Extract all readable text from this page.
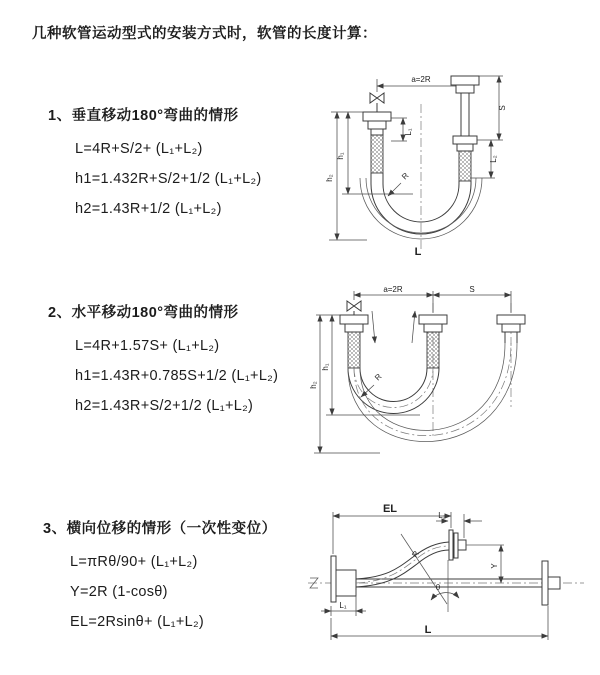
几种软管运动型式的安装方式时，软管的长度计算：
1、垂直移动180°弯曲的情形
L=4R+S/2+ (L₁+L₂)
h1=1.432R+S/2+1/2 (L₁+L₂)
h2=1.43R+1/2 (L₁+L₂)
a=2R
R
h₂
h₁
L₁
S
L₂
L
2、水平移动180°弯曲的情形
L=4R+1.57S+ (L₁+L₂)
h1=1.43R+0.785S+1/2 (L₁+L₂)
h2=1.43R+S/2+1/2 (L₁+L₂)
a=2R	S
h₂
h₁
R
3、横向位移的情形（一次性变位）
L=πRθ/90+ (L₁+L₂)
Y=2R (1-cosθ)
EL=2Rsinθ+ (L₁+L₂)
R
θ
EL
L₂
Y
L₁
L
